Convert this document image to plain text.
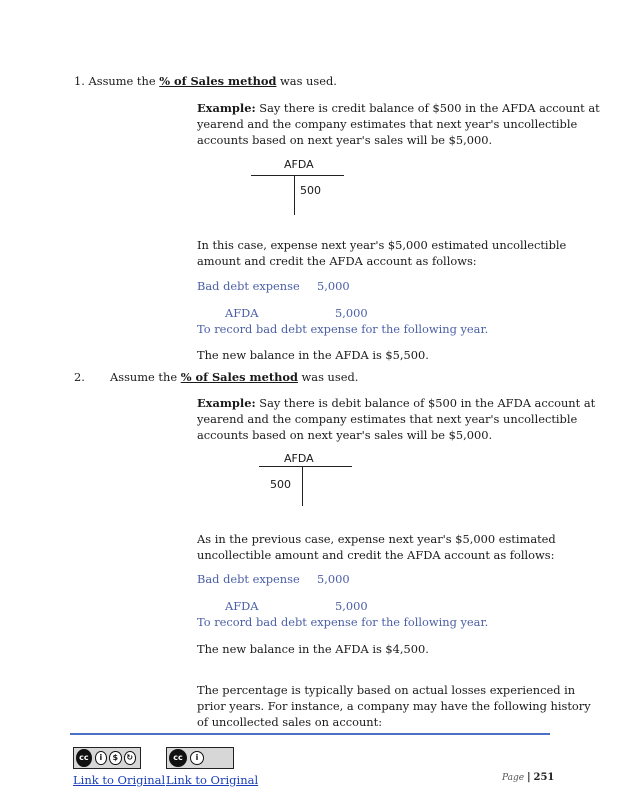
1. Assume the % of Sales method was used.
Example: Say there is credit balance of $500 in the AFDA account at
yearend and the company estimates that next year's uncollectible
accounts based on next year's sales will be $5,000.
AFDA
500
In this case, expense next year's $5,000 estimated uncollectible
amount and credit the AFDA account as follows:
Bad debt expense 5,000
AFDA	5,000
To record bad debt expense for the following year.
The new balance in the AFDA is $5,500.
2. Assume the % of Sales method was used.
Example: Say there is debit balance of $500 in the AFDA account at
yearend and the company estimates that next year's uncollectible
accounts based on next year's sales will be $5,000.
AFDA
500
As in the previous case, expense next year's $5,000 estimated
uncollectible amount and credit the AFDA account as follows:
Bad debt expense 5,000
AFDA	5,000
To record bad debt expense for the following year.
The new balance in the AFDA is $4,500.
The percentage is typically based on actual losses experienced in
prior years. For instance, a company may have the following history
of uncollected sales on account:
cc	i	$	↻	cc	i
Link to Original Link to Original	Page | 251
